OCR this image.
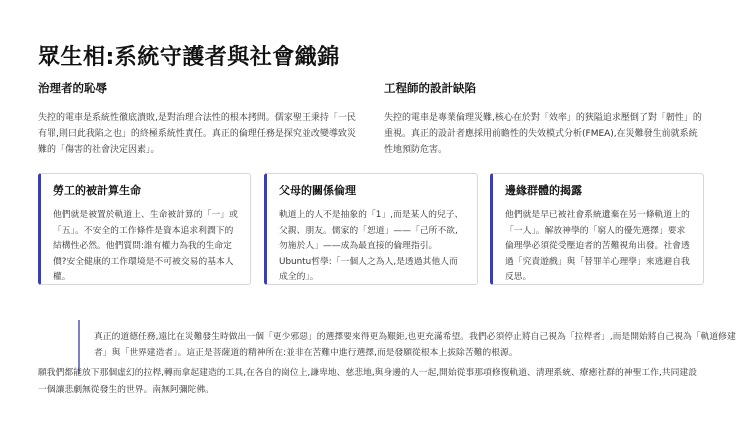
眾生相:系統守護者與社會織錦
治理者的恥辱

失控的電車是系統性徹底潰敗,是對治理合法性的根本拷問。儒家聖王秉持「一民有罪,則曰此我陷之也」的終極系統性責任。真正的倫理任務是探究並改變導致災難的「傷害的社會決定因素」。

工程師的設計缺陷

失控的電車是專業倫理災難,核心在於對「效率」的狹隘追求壓倒了對「韌性」的重視。真正的設計者應採用前瞻性的失效模式分析(FMEA),在災難發生前就系統性地預防危害。

勞工的被計算生命

他們就是被置於軌道上、生命被計算的「一」或「五」。不安全的工作條件是資本追求利潤下的結構性必然。他們質問:誰有權力為我的生命定價?安全健康的工作環境是不可被交易的基本人權。

父母的關係倫理

軌道上的人不是抽象的「1」,而是某人的兒子、父親、朋友。儒家的「恕道」——「己所不欲,勿施於人」——成為最直接的倫理指引。Ubuntu哲學:「一個人之為人,是透過其他人而成全的」。

邊緣群體的揭露

他們就是早已被社會系統遺棄在另一條軌道上的「一人」。解放神學的「窮人的優先選擇」要求倫理學必須從受壓迫者的苦難視角出發。社會透過「究責遊戲」與「替罪羊心理學」來逃避自我反思。

真正的道德任務,遠比在災難發生時做出一個「更少邪惡」的選擇要來得更為艱鉅,也更充滿希望。我們必須停止將自己視為「拉桿者」,而是開始將自己視為「軌道修建者」與「世界建造者」。這正是菩薩道的精神所在:並非在苦難中進行選擇,而是發願從根本上拔除苦難的根源。

願我們都能放下那個虛幻的拉桿,轉而拿起建造的工具,在各自的崗位上,謙卑地、慈悲地,與身邊的人一起,開始從事那項修復軌道、清理系統、療癒社群的神聖工作,共同建設一個讓悲劇無從發生的世界。南無阿彌陀佛。
